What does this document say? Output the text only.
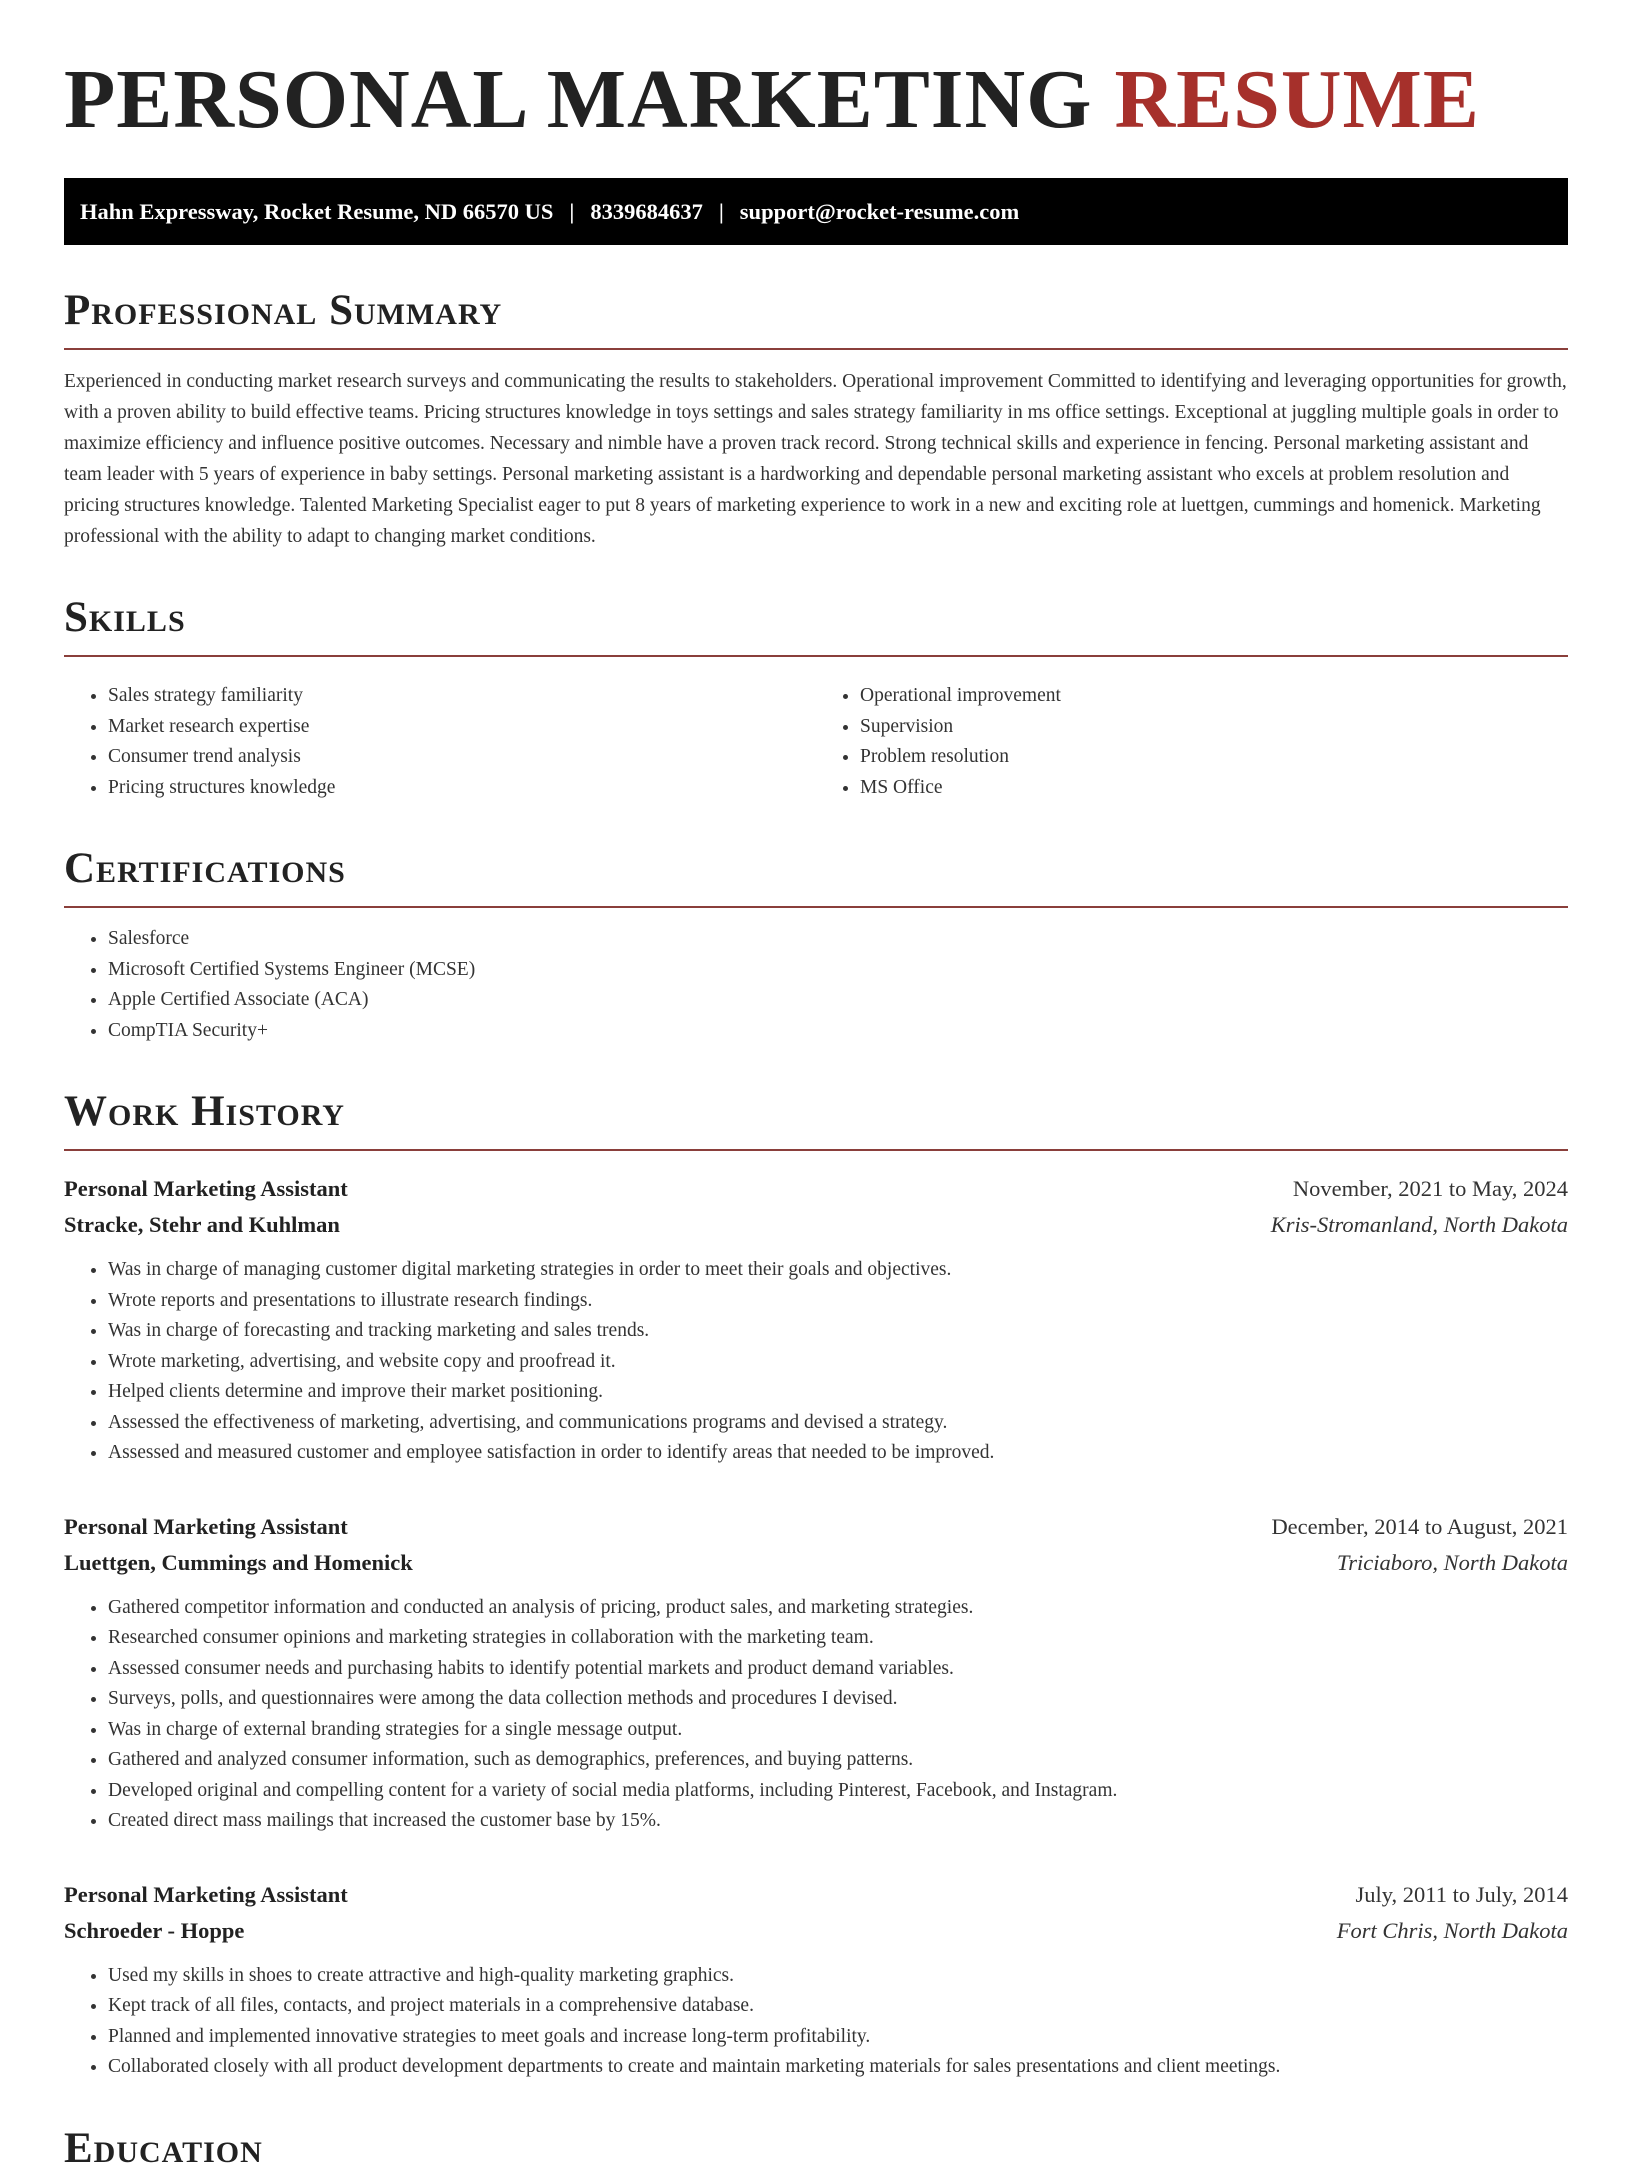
PERSONAL MARKETING RESUME
Hahn Expressway, Rocket Resume, ND 66570 US | 8339684637 | support@rocket-resume.com
Professional Summary

Experienced in conducting market research surveys and communicating the results to stakeholders. Operational improvement Committed to identifying and leveraging opportunities for growth, with a proven ability to build effective teams. Pricing structures knowledge in toys settings and sales strategy familiarity in ms office settings. Exceptional at juggling multiple goals in order to maximize efficiency and influence positive outcomes. Necessary and nimble have a proven track record. Strong technical skills and experience in fencing. Personal marketing assistant and team leader with 5 years of experience in baby settings. Personal marketing assistant is a hardworking and dependable personal marketing assistant who excels at problem resolution and pricing structures knowledge. Talented Marketing Specialist eager to put 8 years of marketing experience to work in a new and exciting role at luettgen, cummings and homenick. Marketing professional with the ability to adapt to changing market conditions.

Skills
• Sales strategy familiarity
• Market research expertise
• Consumer trend analysis
• Pricing structures knowledge
• Operational improvement
• Supervision
• Problem resolution
• MS Office
Certifications
• Salesforce
• Microsoft Certified Systems Engineer (MCSE)
• Apple Certified Associate (ACA)
• CompTIA Security+
Work History
Personal Marketing Assistant	November, 2021 to May, 2024
Stracke, Stehr and Kuhlman	Kris-Stromanland, North Dakota
• Was in charge of managing customer digital marketing strategies in order to meet their goals and objectives.
• Wrote reports and presentations to illustrate research findings.
• Was in charge of forecasting and tracking marketing and sales trends.
• Wrote marketing, advertising, and website copy and proofread it.
• Helped clients determine and improve their market positioning.
• Assessed the effectiveness of marketing, advertising, and communications programs and devised a strategy.
• Assessed and measured customer and employee satisfaction in order to identify areas that needed to be improved.
Personal Marketing Assistant	December, 2014 to August, 2021
Luettgen, Cummings and Homenick	Triciaboro, North Dakota
• Gathered competitor information and conducted an analysis of pricing, product sales, and marketing strategies.
• Researched consumer opinions and marketing strategies in collaboration with the marketing team.
• Assessed consumer needs and purchasing habits to identify potential markets and product demand variables.
• Surveys, polls, and questionnaires were among the data collection methods and procedures I devised.
• Was in charge of external branding strategies for a single message output.
• Gathered and analyzed consumer information, such as demographics, preferences, and buying patterns.
• Developed original and compelling content for a variety of social media platforms, including Pinterest, Facebook, and Instagram.
• Created direct mass mailings that increased the customer base by 15%.
Personal Marketing Assistant	July, 2011 to July, 2014
Schroeder - Hoppe	Fort Chris, North Dakota
• Used my skills in shoes to create attractive and high-quality marketing graphics.
• Kept track of all files, contacts, and project materials in a comprehensive database.
• Planned and implemented innovative strategies to meet goals and increase long-term profitability.
• Collaborated closely with all product development departments to create and maintain marketing materials for sales presentations and client meetings.
Education
